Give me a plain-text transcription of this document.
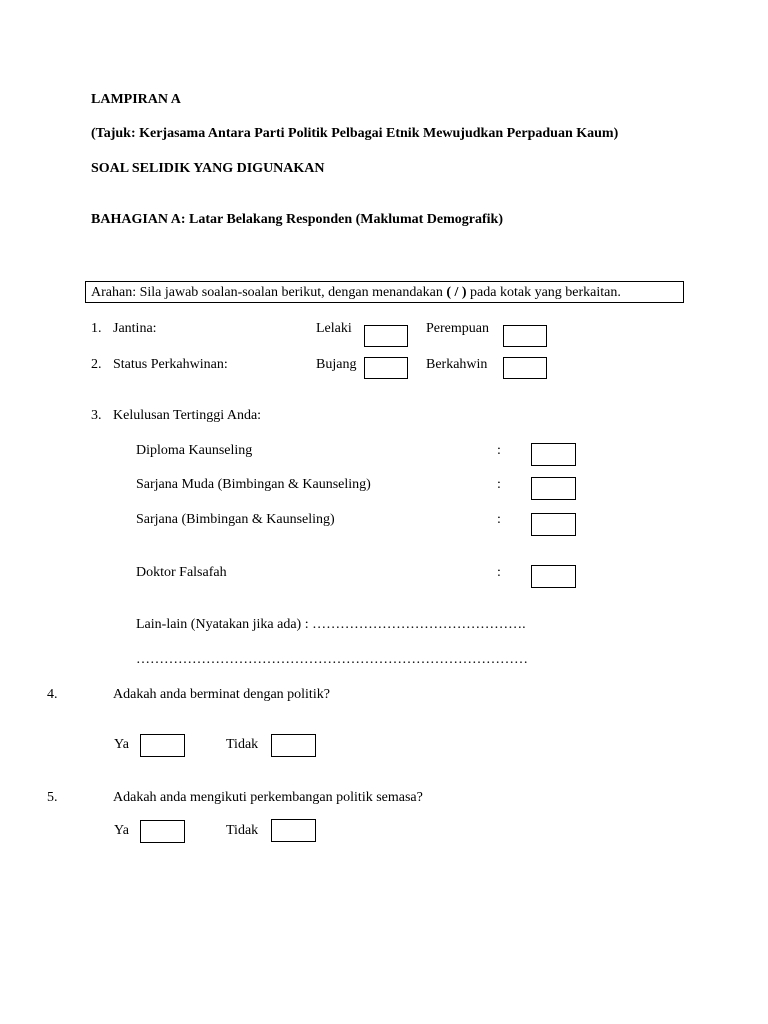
LAMPIRAN A
(Tajuk: Kerjasama Antara Parti Politik Pelbagai Etnik Mewujudkan Perpaduan Kaum)
SOAL SELIDIK YANG DIGUNAKAN
BAHAGIAN A: Latar Belakang Responden (Maklumat Demografik)
Arahan: Sila jawab soalan-soalan berikut, dengan menandakan ( / ) pada kotak yang berkaitan.
1. Jantina:	Lelaki	Perempuan
2. Status Perkahwinan:	Bujang	Berkahwin
3. Kelulusan Tertinggi Anda:
Diploma Kaunseling	:
Sarjana Muda (Bimbingan & Kaunseling)	:
Sarjana (Bimbingan & Kaunseling)	:
Doktor Falsafah	:
Lain-lain (Nyatakan jika ada) : ……………………………………….
…………………………………………………………………………
4.	Adakah anda berminat dengan politik?
Ya	Tidak
5.	Adakah anda mengikuti perkembangan politik semasa?
Ya	Tidak
